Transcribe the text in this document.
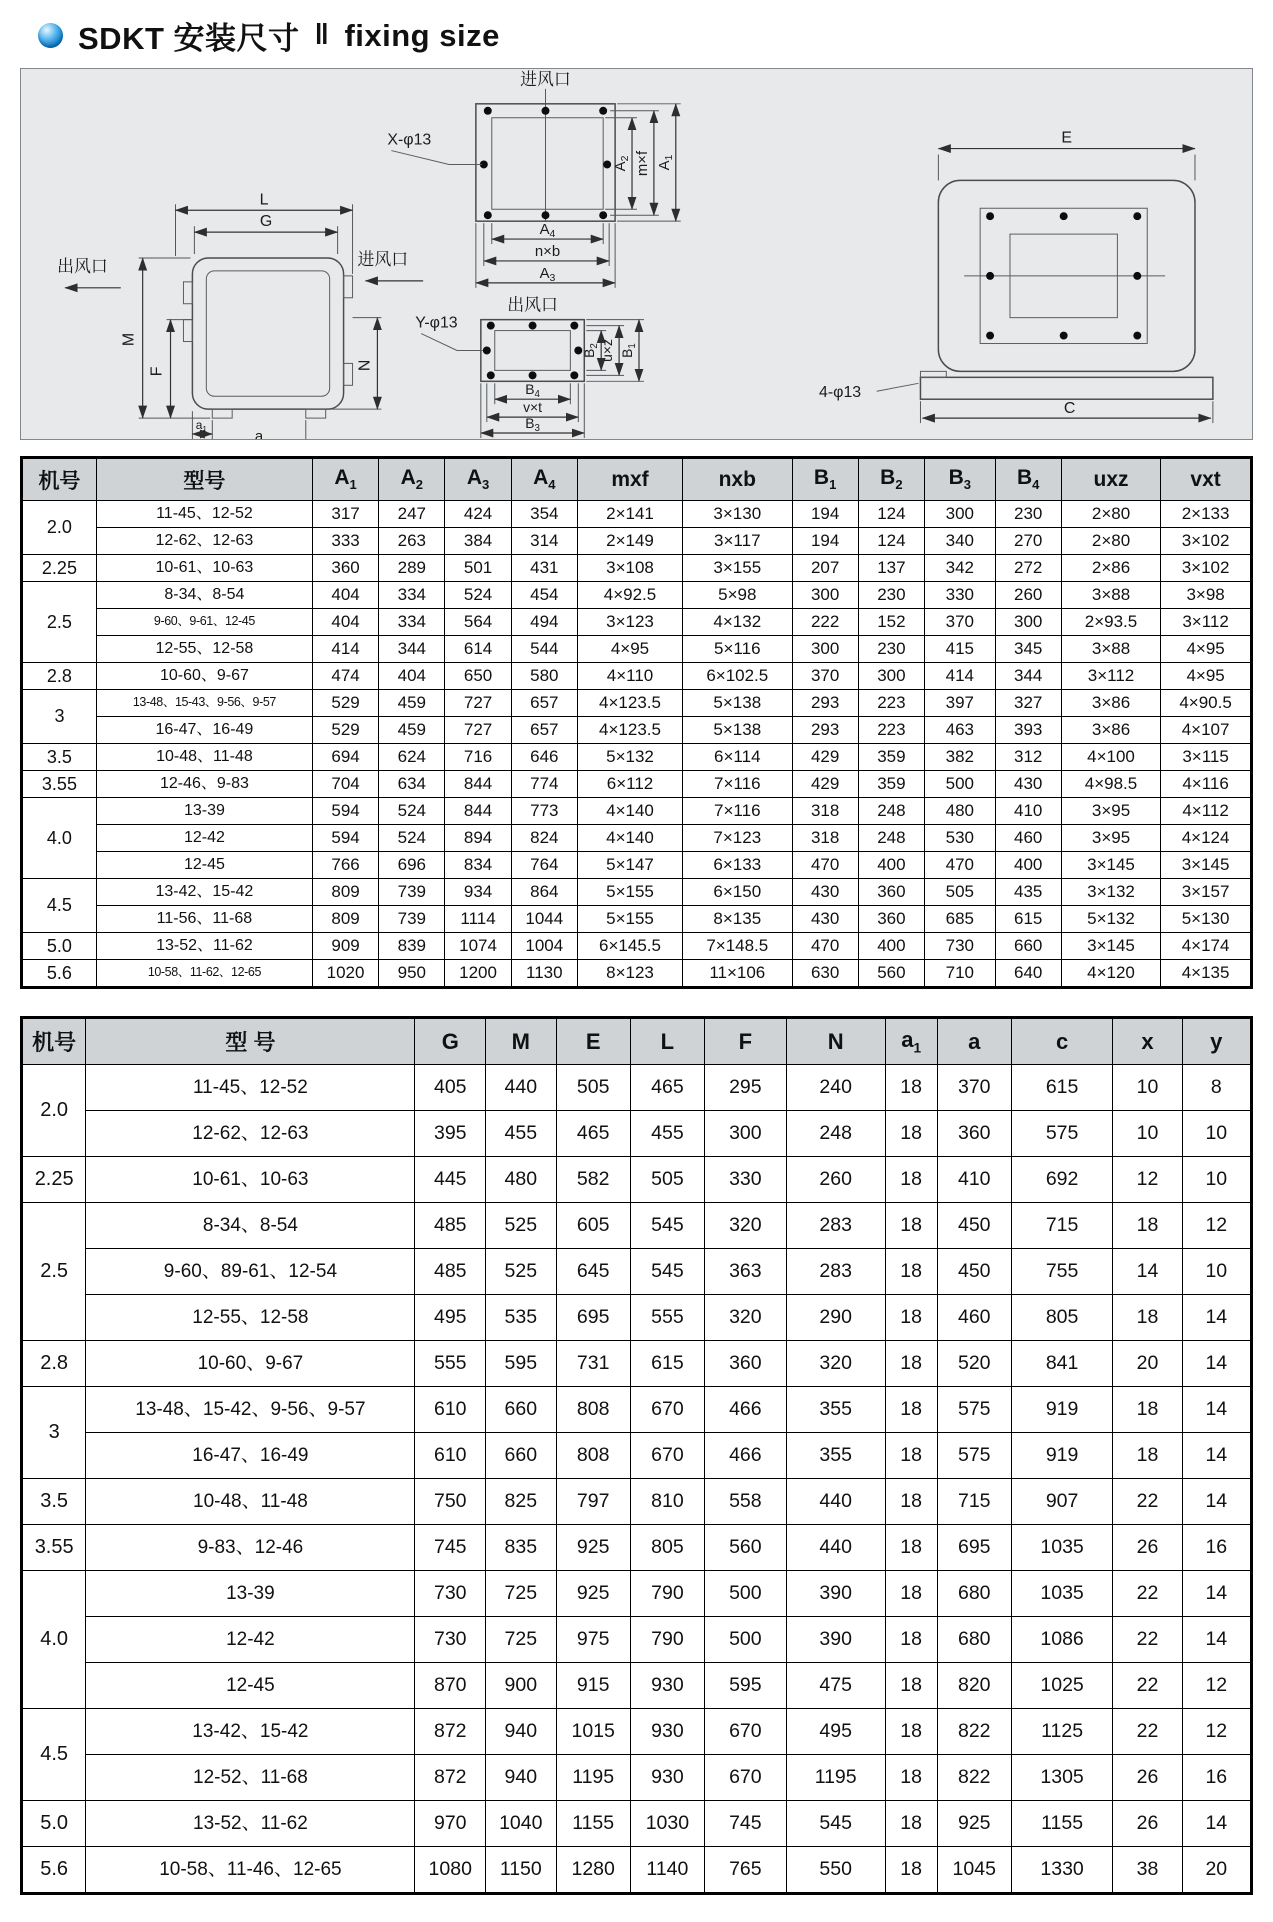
SDKT 安装尺寸 ‖ fixing size
L
G
M
F
出风口	进风口
N
$a_1$	a
进风口
X-φ13
$A_4$
n×b
$A_3$
$A_2$ m×f $A_1$
出风口
Y-φ13
$B_2$
u×z $B_1$
$B_4$
v×t
$B_3$
E
4-φ13
C
机号	型号	$A_1$	$A_2$	$A_3$	$A_4$	mxf	nxb	$B_1$	$B_2$	$B_3$	$B_4$	uxz	vxt
2.0	11-45、12-52	317	247	424	354	2×141	3×130	194	124	300	230	2×80	2×133
	12-62、12-63	333	263	384	314	2×149	3×117	194	124	340	270	2×80	3×102
2.25	10-61、10-63	360	289	501	431	3×108	3×155	207	137	342	272	2×86	3×102
2.5	8-34、8-54	404	334	524	454	4×92.5	5×98	300	230	330	260	3×88	3×98
	9-60、9-61、12-45	404	334	564	494	3×123	4×132	222	152	370	300	2×93.5	3×112
	12-55、12-58	414	344	614	544	4×95	5×116	300	230	415	345	3×88	4×95
2.8	10-60、9-67	474	404	650	580	4×110	6×102.5	370	300	414	344	3×112	4×95
3	13-48、15-43、9-56、9-57	529	459	727	657	4×123.5	5×138	293	223	397	327	3×86	4×90.5
	16-47、16-49	529	459	727	657	4×123.5	5×138	293	223	463	393	3×86	4×107
3.5	10-48、11-48	694	624	716	646	5×132	6×114	429	359	382	312	4×100	3×115
3.55	12-46、9-83	704	634	844	774	6×112	7×116	429	359	500	430	4×98.5	4×116
4.0	13-39	594	524	844	773	4×140	7×116	318	248	480	410	3×95	4×112
	12-42	594	524	894	824	4×140	7×123	318	248	530	460	3×95	4×124
	12-45	766	696	834	764	5×147	6×133	470	400	470	400	3×145	3×145
4.5	13-42、15-42	809	739	934	864	5×155	6×150	430	360	505	435	3×132	3×157
	11-56、11-68	809	739	1114	1044	5×155	8×135	430	360	685	615	5×132	5×130
5.0	13-52、11-62	909	839	1074	1004	6×145.5	7×148.5	470	400	730	660	3×145	4×174
5.6	10-58、11-62、12-65	1020	950	1200	1130	8×123	11×106	630	560	710	640	4×120	4×135
机号	型 号	G	M	E	L	F	N	$a_1$	a	c	x	y
2.0	11-45、12-52	405	440	505	465	295	240	18	370	615	10	8
	12-62、12-63	395	455	465	455	300	248	18	360	575	10	10
2.25	10-61、10-63	445	480	582	505	330	260	18	410	692	12	10
2.5	8-34、8-54	485	525	605	545	320	283	18	450	715	18	12
	9-60、89-61、12-54	485	525	645	545	363	283	18	450	755	14	10
	12-55、12-58	495	535	695	555	320	290	18	460	805	18	14
2.8	10-60、9-67	555	595	731	615	360	320	18	520	841	20	14
3	13-48、15-42、9-56、9-57	610	660	808	670	466	355	18	575	919	18	14
	16-47、16-49	610	660	808	670	466	355	18	575	919	18	14
3.5	10-48、11-48	750	825	797	810	558	440	18	715	907	22	14
3.55	9-83、12-46	745	835	925	805	560	440	18	695	1035	26	16
4.0	13-39	730	725	925	790	500	390	18	680	1035	22	14
	12-42	730	725	975	790	500	390	18	680	1086	22	14
	12-45	870	900	915	930	595	475	18	820	1025	22	12
4.5	13-42、15-42	872	940	1015	930	670	495	18	822	1125	22	12
	12-52、11-68	872	940	1195	930	670	1195	18	822	1305	26	16
5.0	13-52、11-62	970	1040	1155	1030	745	545	18	925	1155	26	14
5.6	10-58、11-46、12-65	1080	1150	1280	1140	765	550	18	1045	1330	38	20
